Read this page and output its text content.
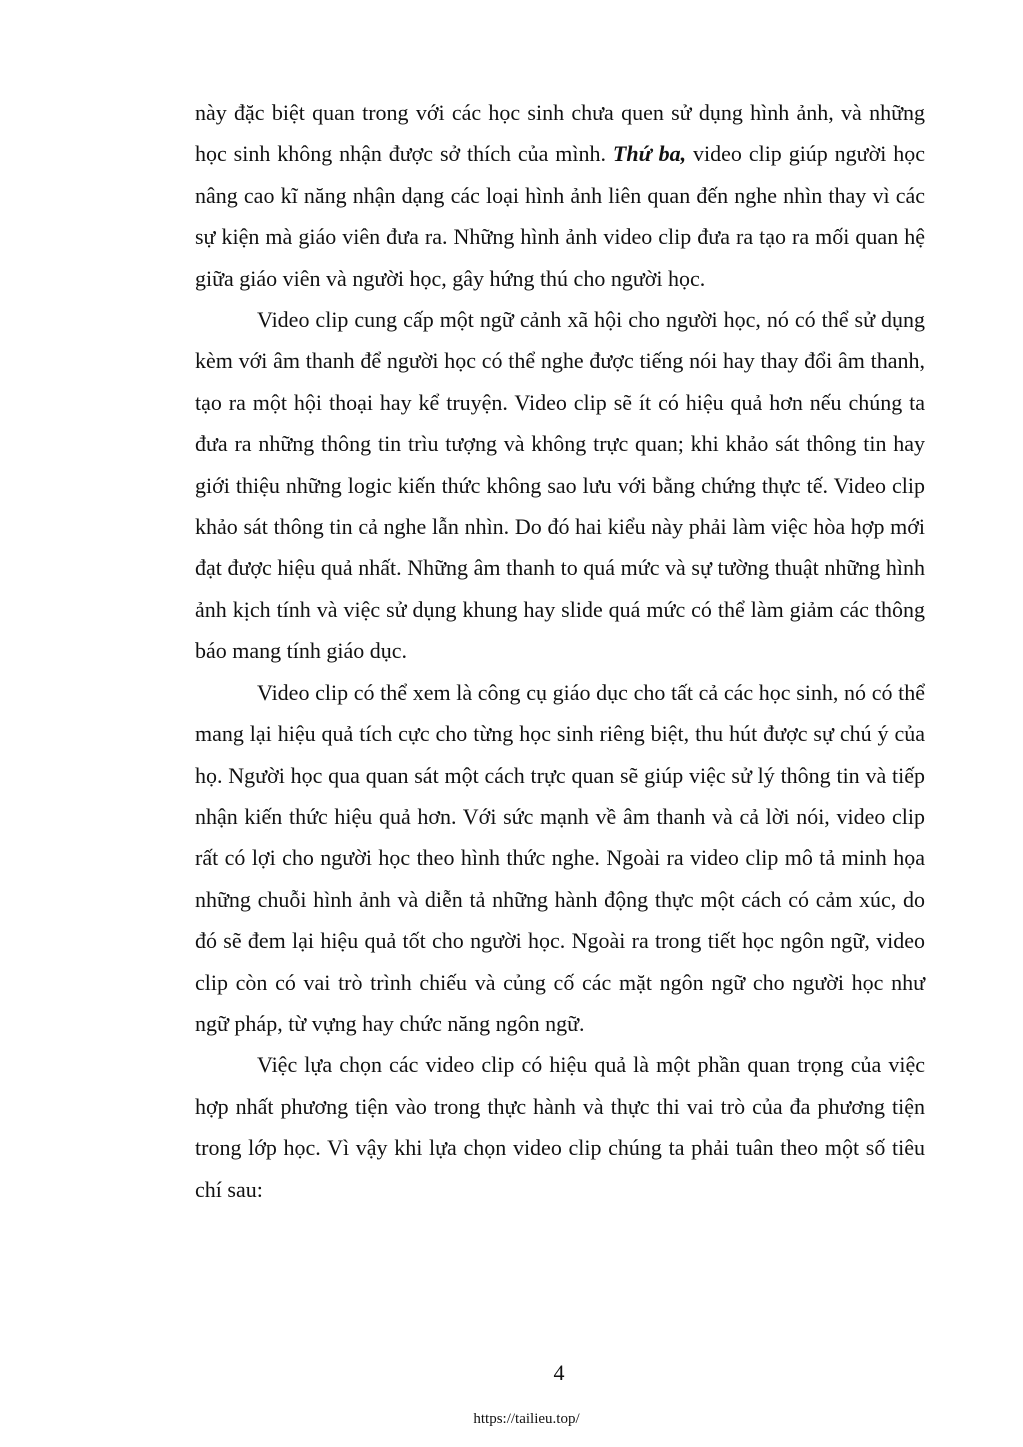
này đặc biệt quan trong với các học sinh chưa quen sử dụng hình ảnh, và những học sinh không nhận được sở thích của mình. Thứ ba, video clip giúp người học nâng cao kĩ năng nhận dạng các loại hình ảnh liên quan đến nghe nhìn thay vì các sự kiện mà giáo viên đưa ra. Những hình ảnh video clip đưa ra tạo ra mối quan hệ giữa giáo viên và người học, gây hứng thú cho người học.

Video clip cung cấp một ngữ cảnh xã hội cho người học, nó có thể sử dụng kèm với âm thanh để người học có thể nghe được tiếng nói hay thay đổi âm thanh, tạo ra một hội thoại hay kể truyện. Video clip sẽ ít có hiệu quả hơn nếu chúng ta đưa ra những thông tin trìu tượng và không trực quan; khi khảo sát thông tin hay giới thiệu những logic kiến thức không sao lưu với bằng chứng thực tế. Video clip khảo sát thông tin cả nghe lẫn nhìn. Do đó hai kiểu này phải làm việc hòa hợp mới đạt được hiệu quả nhất. Những âm thanh to quá mức và sự tường thuật những hình ảnh kịch tính và việc sử dụng khung hay slide quá mức có thể làm giảm các thông báo mang tính giáo dục.

Video clip có thể xem là công cụ giáo dục cho tất cả các học sinh, nó có thể mang lại hiệu quả tích cực cho từng học sinh riêng biệt, thu hút được sự chú ý của họ. Người học qua quan sát một cách trực quan sẽ giúp việc sử lý thông tin và tiếp nhận kiến thức hiệu quả hơn. Với sức mạnh về âm thanh và cả lời nói, video clip rất có lợi cho người học theo hình thức nghe. Ngoài ra video clip mô tả minh họa những chuỗi hình ảnh và diễn tả những hành động thực một cách có cảm xúc, do đó sẽ đem lại hiệu quả tốt cho người học. Ngoài ra trong tiết học ngôn ngữ, video clip còn có vai trò trình chiếu và củng cố các mặt ngôn ngữ cho người học như ngữ pháp, từ vựng hay chức năng ngôn ngữ.

Việc lựa chọn các video clip có hiệu quả là một phần quan trọng của việc hợp nhất phương tiện vào trong thực hành và thực thi vai trò của đa phương tiện trong lớp học. Vì vậy khi lựa chọn video clip chúng ta phải tuân theo một số tiêu chí sau:

4
https://tailieu.top/
